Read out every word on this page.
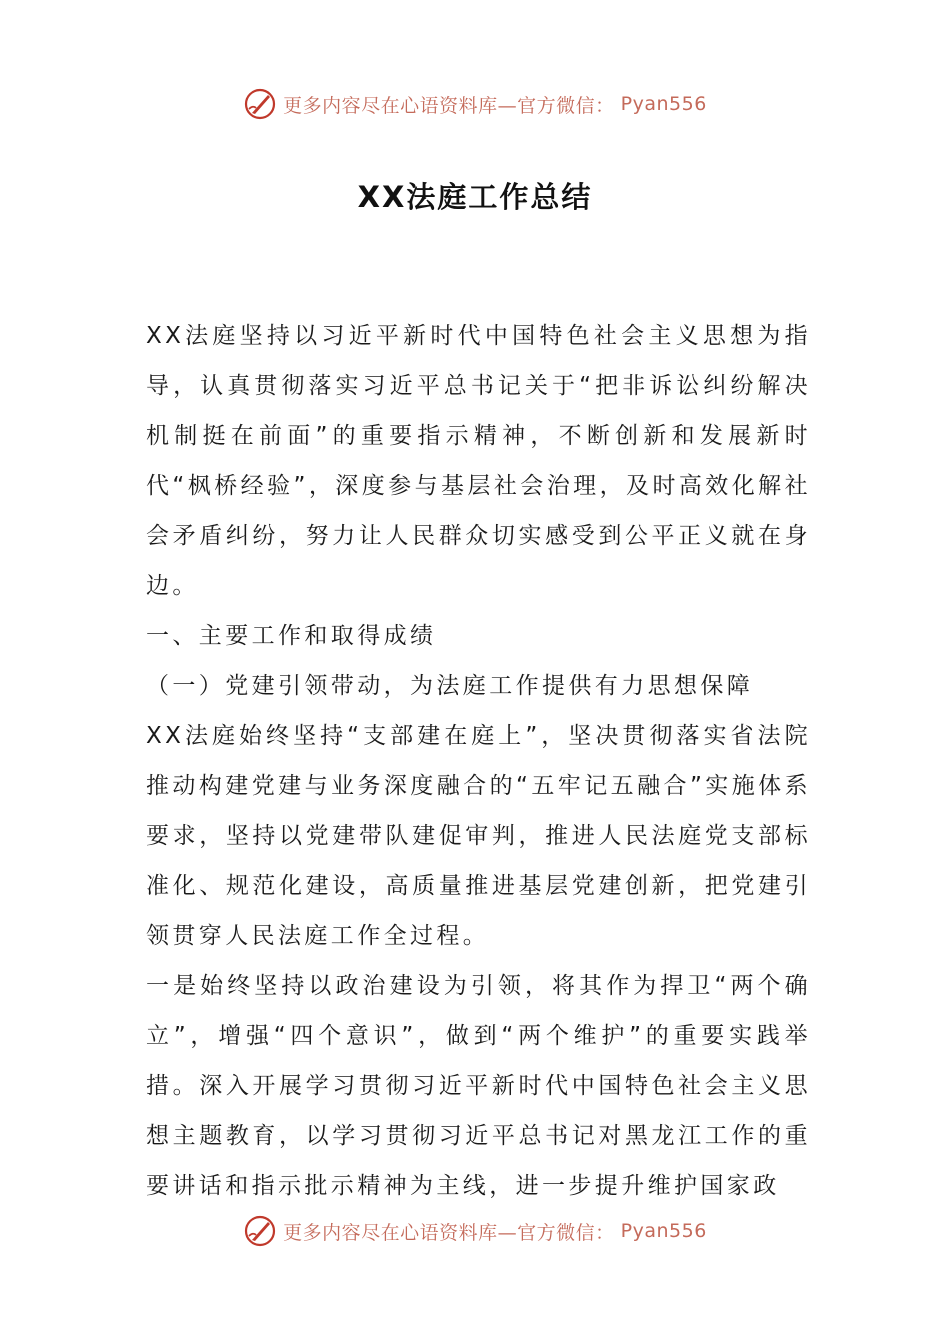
更多内容尽在心语资料库—官方微信： Pyan556
XX法庭工作总结

XX法庭坚持以习近平新时代中国特色社会主义思想为指导，认真贯彻落实习近平总书记关于“把非诉讼纠纷解决机制挺在前面”的重要指示精神，不断创新和发展新时代“枫桥经验”，深度参与基层社会治理，及时高效化解社会矛盾纠纷，努力让人民群众切实感受到公平正义就在身边。

一、主要工作和取得成绩

（一）党建引领带动，为法庭工作提供有力思想保障

XX法庭始终坚持“支部建在庭上”，坚决贯彻落实省法院推动构建党建与业务深度融合的“五牢记五融合”实施体系要求，坚持以党建带队建促审判，推进人民法庭党支部标准化、规范化建设，高质量推进基层党建创新，把党建引领贯穿人民法庭工作全过程。

一是始终坚持以政治建设为引领，将其作为捍卫“两个确立”，增强“四个意识”，做到“两个维护”的重要实践举措。深入开展学习贯彻习近平新时代中国特色社会主义思想主题教育，以学习贯彻习近平总书记对黑龙江工作的重要讲话和指示批示精神为主线，进一步提升维护国家政

更多内容尽在心语资料库—官方微信： Pyan556
